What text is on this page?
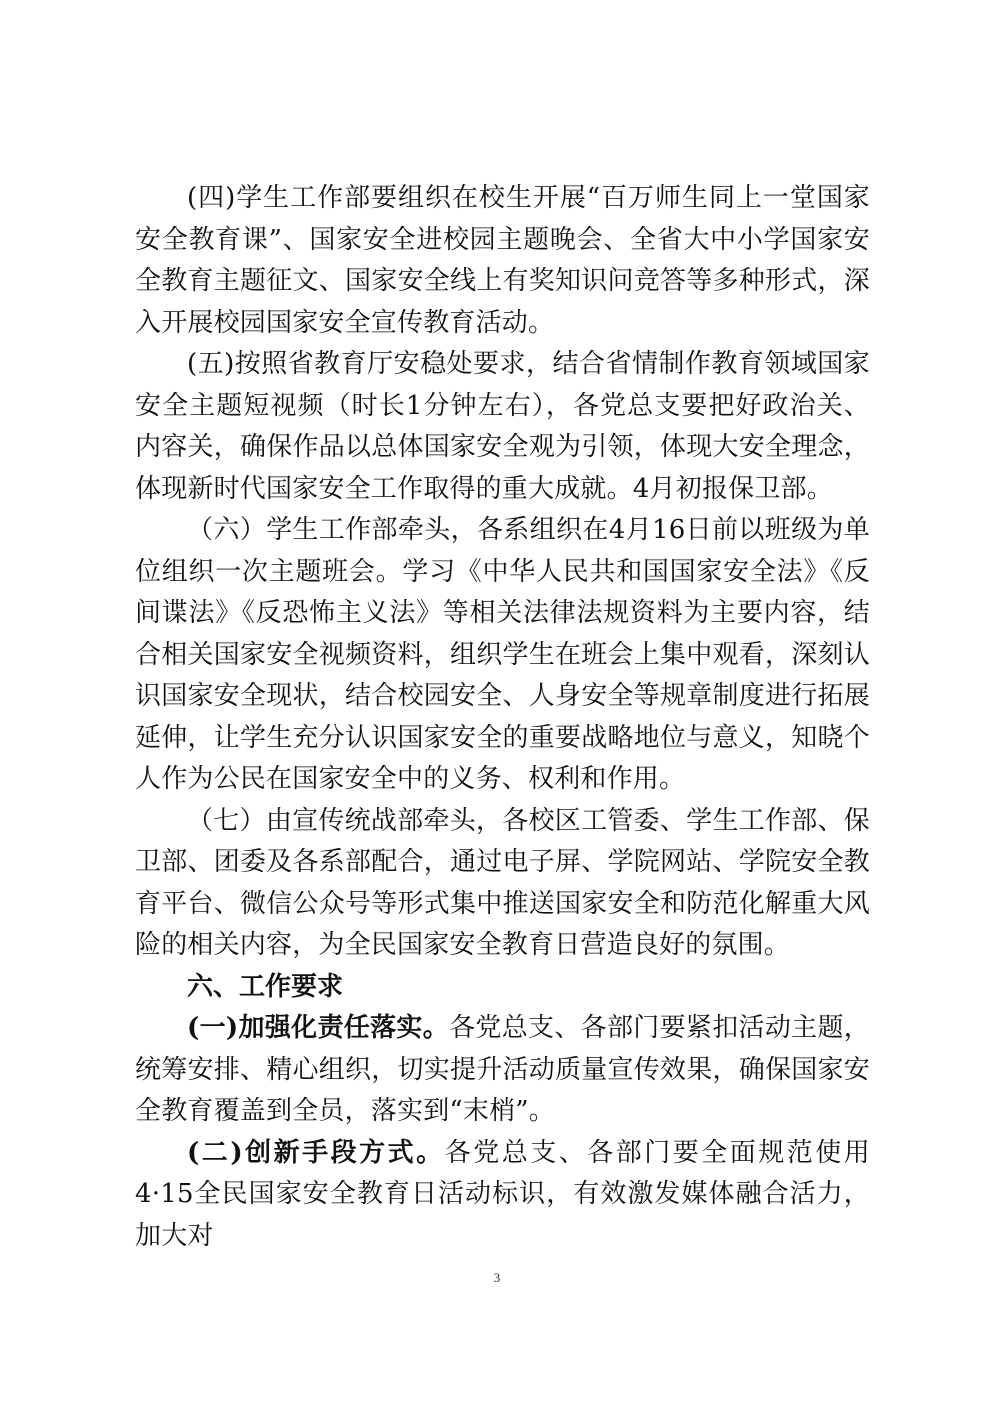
(四)学生工作部要组织在校生开展“百万师生同上一堂国家安全教育课”、国家安全进校园主题晚会、全省大中小学国家安全教育主题征文、国家安全线上有奖知识问竞答等多种形式，深入开展校园国家安全宣传教育活动。

(五)按照省教育厅安稳处要求，结合省情制作教育领域国家安全主题短视频（时长1分钟左右），各党总支要把好政治关、内容关，确保作品以总体国家安全观为引领，体现大安全理念，体现新时代国家安全工作取得的重大成就。4月初报保卫部。

（六）学生工作部牵头，各系组织在4月16日前以班级为单位组织一次主题班会。学习《中华人民共和国国家安全法》《反间谍法》《反恐怖主义法》等相关法律法规资料为主要内容，结合相关国家安全视频资料，组织学生在班会上集中观看，深刻认识国家安全现状，结合校园安全、人身安全等规章制度进行拓展延伸，让学生充分认识国家安全的重要战略地位与意义，知晓个人作为公民在国家安全中的义务、权利和作用。

（七）由宣传统战部牵头，各校区工管委、学生工作部、保卫部、团委及各系部配合，通过电子屏、学院网站、学院安全教育平台、微信公众号等形式集中推送国家安全和防范化解重大风险的相关内容，为全民国家安全教育日营造良好的氛围。

六、工作要求

(一)加强化责任落实。各党总支、各部门要紧扣活动主题，统筹安排、精心组织，切实提升活动质量宣传效果，确保国家安全教育覆盖到全员，落实到“末梢”。

(二)创新手段方式。各党总支、各部门要全面规范使用4·15全民国家安全教育日活动标识，有效激发媒体融合活力，加大对

3
